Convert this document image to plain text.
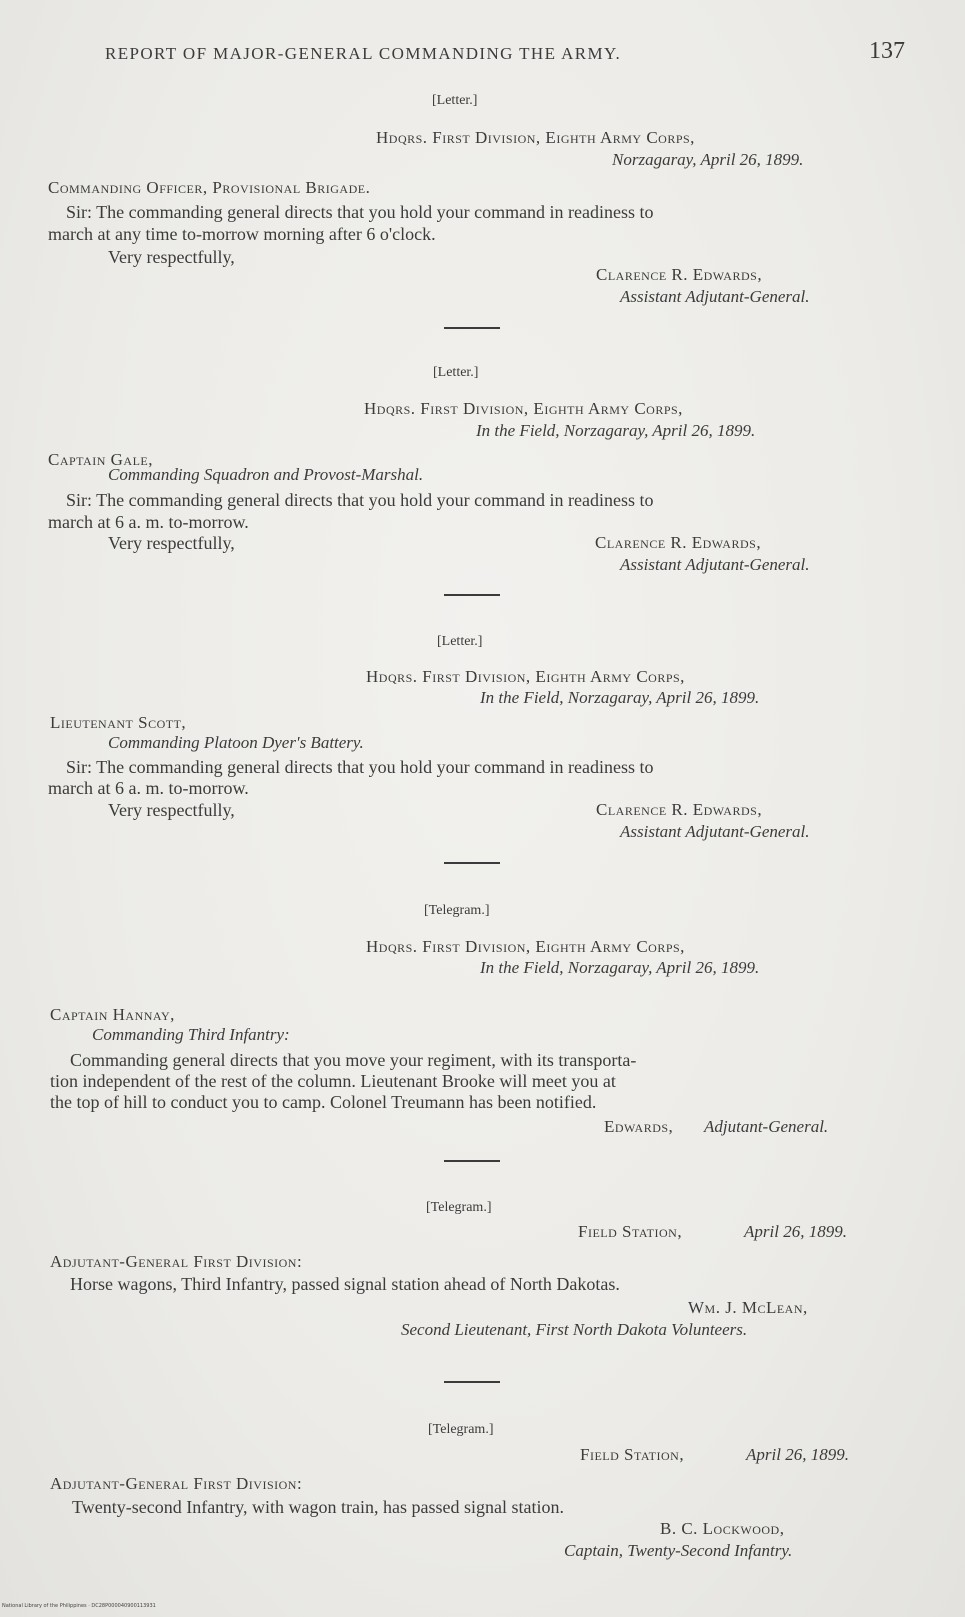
REPORT OF MAJOR-GENERAL COMMANDING THE ARMY.	137
[Letter.]
Hdqrs. First Division, Eighth Army Corps,
Norzagaray, April 26, 1899.
Commanding Officer, Provisional Brigade.
Sir: The commanding general directs that you hold your command in readiness to
march at any time to-morrow morning after 6 o'clock.
Very respectfully,
Clarence R. Edwards,
Assistant Adjutant-General.
[Letter.]
Hdqrs. First Division, Eighth Army Corps,
In the Field, Norzagaray, April 26, 1899.
Captain Gale,
Commanding Squadron and Provost-Marshal.
Sir: The commanding general directs that you hold your command in readiness to
march at 6 a. m. to-morrow.
Very respectfully,	Clarence R. Edwards,
Assistant Adjutant-General.
[Letter.]
Hdqrs. First Division, Eighth Army Corps,
In the Field, Norzagaray, April 26, 1899.
Lieutenant Scott,
Commanding Platoon Dyer's Battery.
Sir: The commanding general directs that you hold your command in readiness to
march at 6 a. m. to-morrow.
Very respectfully,	Clarence R. Edwards,
Assistant Adjutant-General.
[Telegram.]
Hdqrs. First Division, Eighth Army Corps,
In the Field, Norzagaray, April 26, 1899.
Captain Hannay,
Commanding Third Infantry:
Commanding general directs that you move your regiment, with its transporta-
tion independent of the rest of the column. Lieutenant Brooke will meet you at
the top of hill to conduct you to camp. Colonel Treumann has been notified.
Edwards, Adjutant-General.
[Telegram.]
Field Station,	April 26, 1899.
Adjutant-General First Division:
Horse wagons, Third Infantry, passed signal station ahead of North Dakotas.
Wm. J. McLean,
Second Lieutenant, First North Dakota Volunteers.
[Telegram.]
Field Station,	April 26, 1899.
Adjutant-General First Division:
Twenty-second Infantry, with wagon train, has passed signal station.
B. C. Lockwood,
Captain, Twenty-Second Infantry.
National Library of the Philippines · DC28P000040900113931
